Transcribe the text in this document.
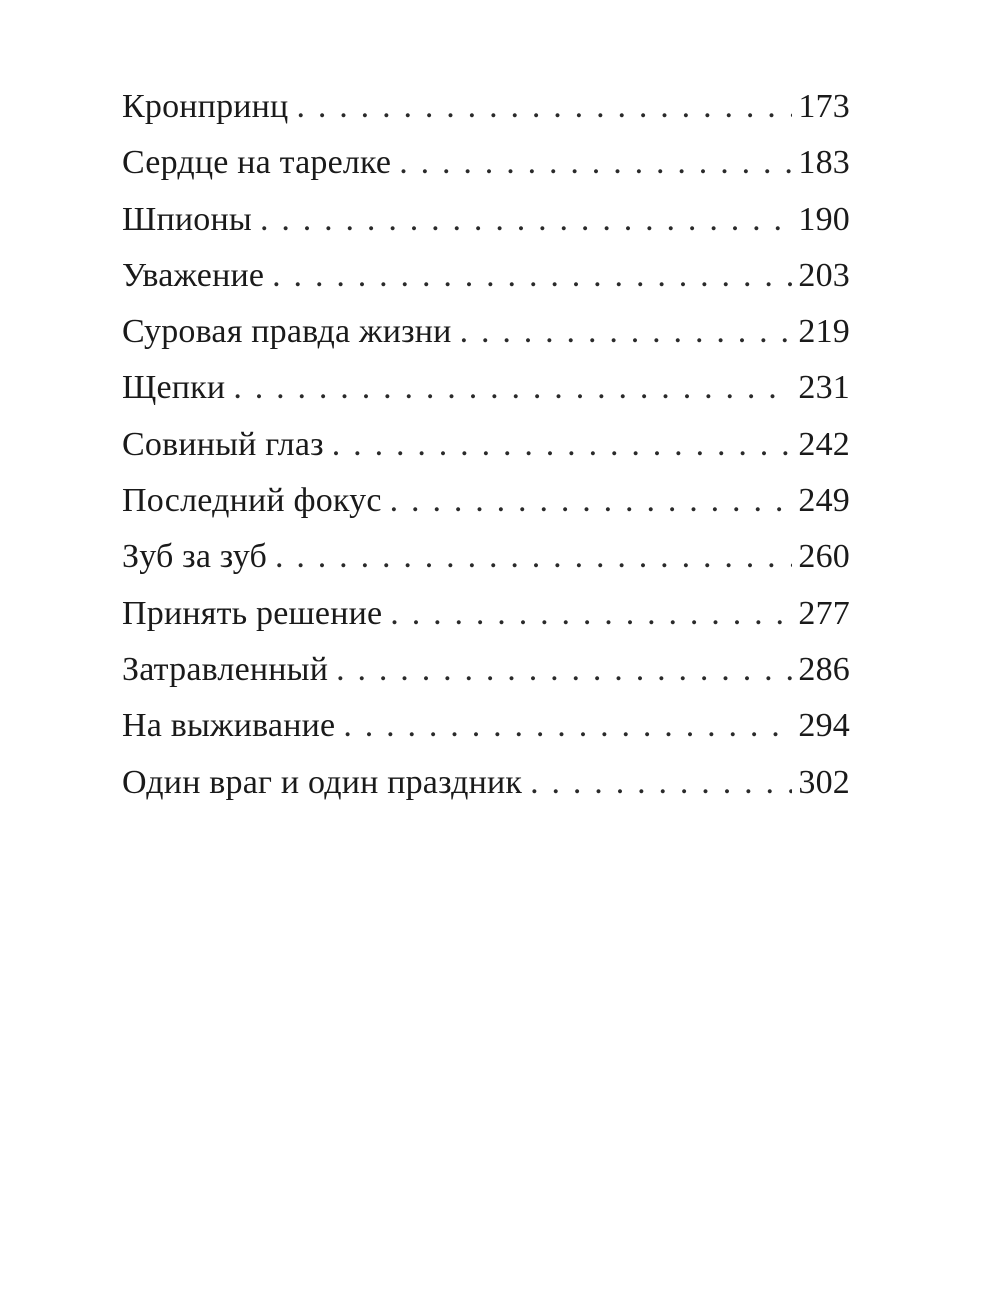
Кронпринц . . .	173
Сердце на тарелке . . .	183
Шпионы . . .	190
Уважение . . .	203
Суровая правда жизни . . .	219
Щепки . . .	231
Совиный глаз . . .	242
Последний фокус . . .	249
Зуб за зуб . . .	260
Принять решение . . .	277
Затравленный . . .	286
На выживание . . .	294
Один враг и один праздник . . .	302
